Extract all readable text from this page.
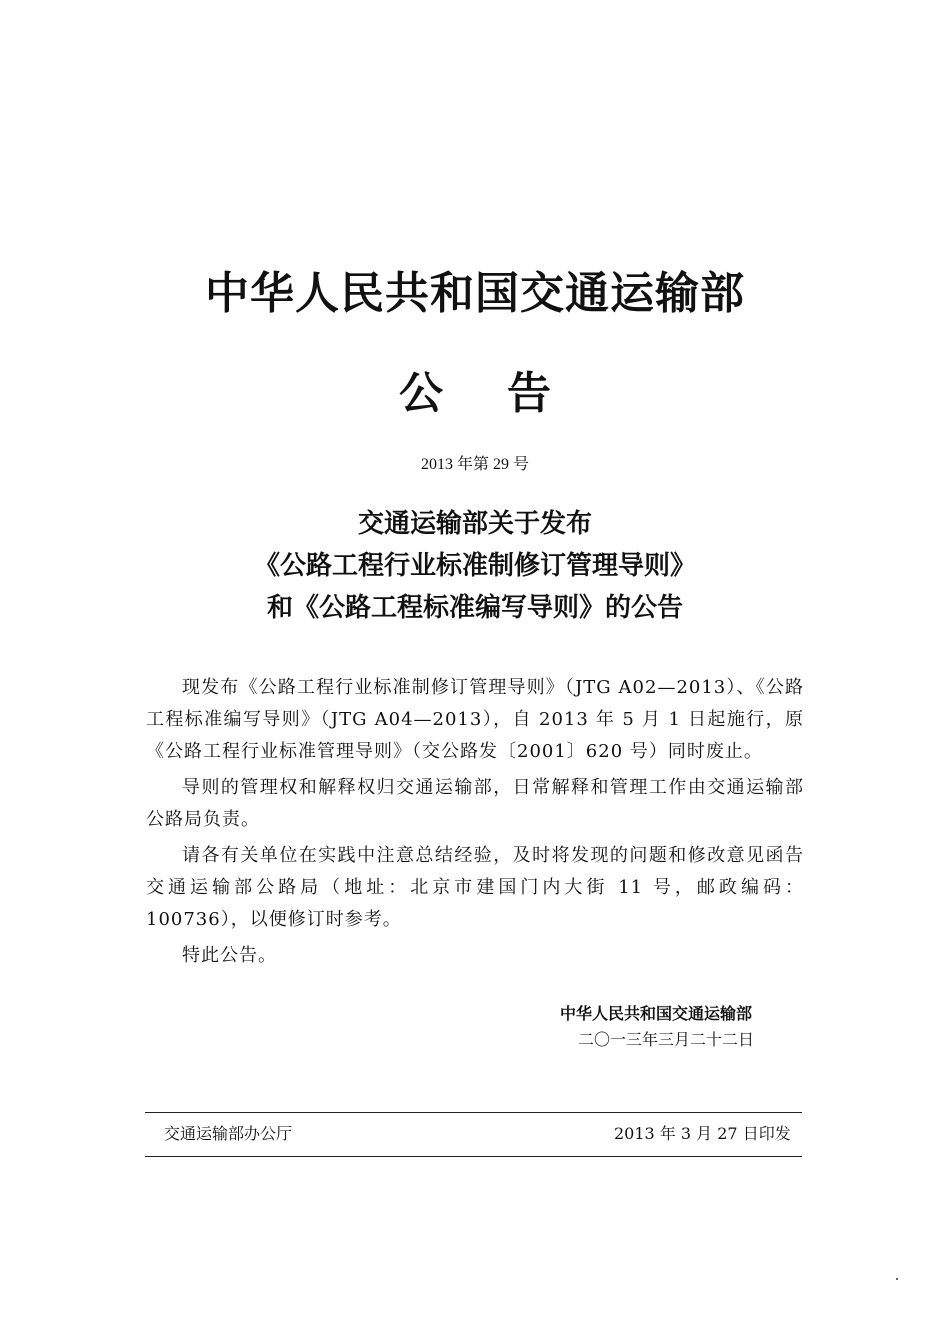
中华人民共和国交通运输部
公 告
2013 年第 29 号
交通运输部关于发布
《公路工程行业标准制修订管理导则》
和《公路工程标准编写导则》的公告

现发布《公路工程行业标准制修订管理导则》（JTG A02—2013）、《公路工程标准编写导则》（JTG A04—2013），自 2013 年 5 月 1 日起施行，原《公路工程行业标准管理导则》（交公路发〔2001〕620 号）同时废止。

导则的管理权和解释权归交通运输部，日常解释和管理工作由交通运输部公路局负责。

请各有关单位在实践中注意总结经验，及时将发现的问题和修改意见函告交通运输部公路局（地址：北京市建国门内大街 11 号，邮政编码：100736），以便修订时参考。

特此公告。

中华人民共和国交通运输部
二〇一三年三月二十二日
交通运输部办公厅	2013 年 3 月 27 日印发
